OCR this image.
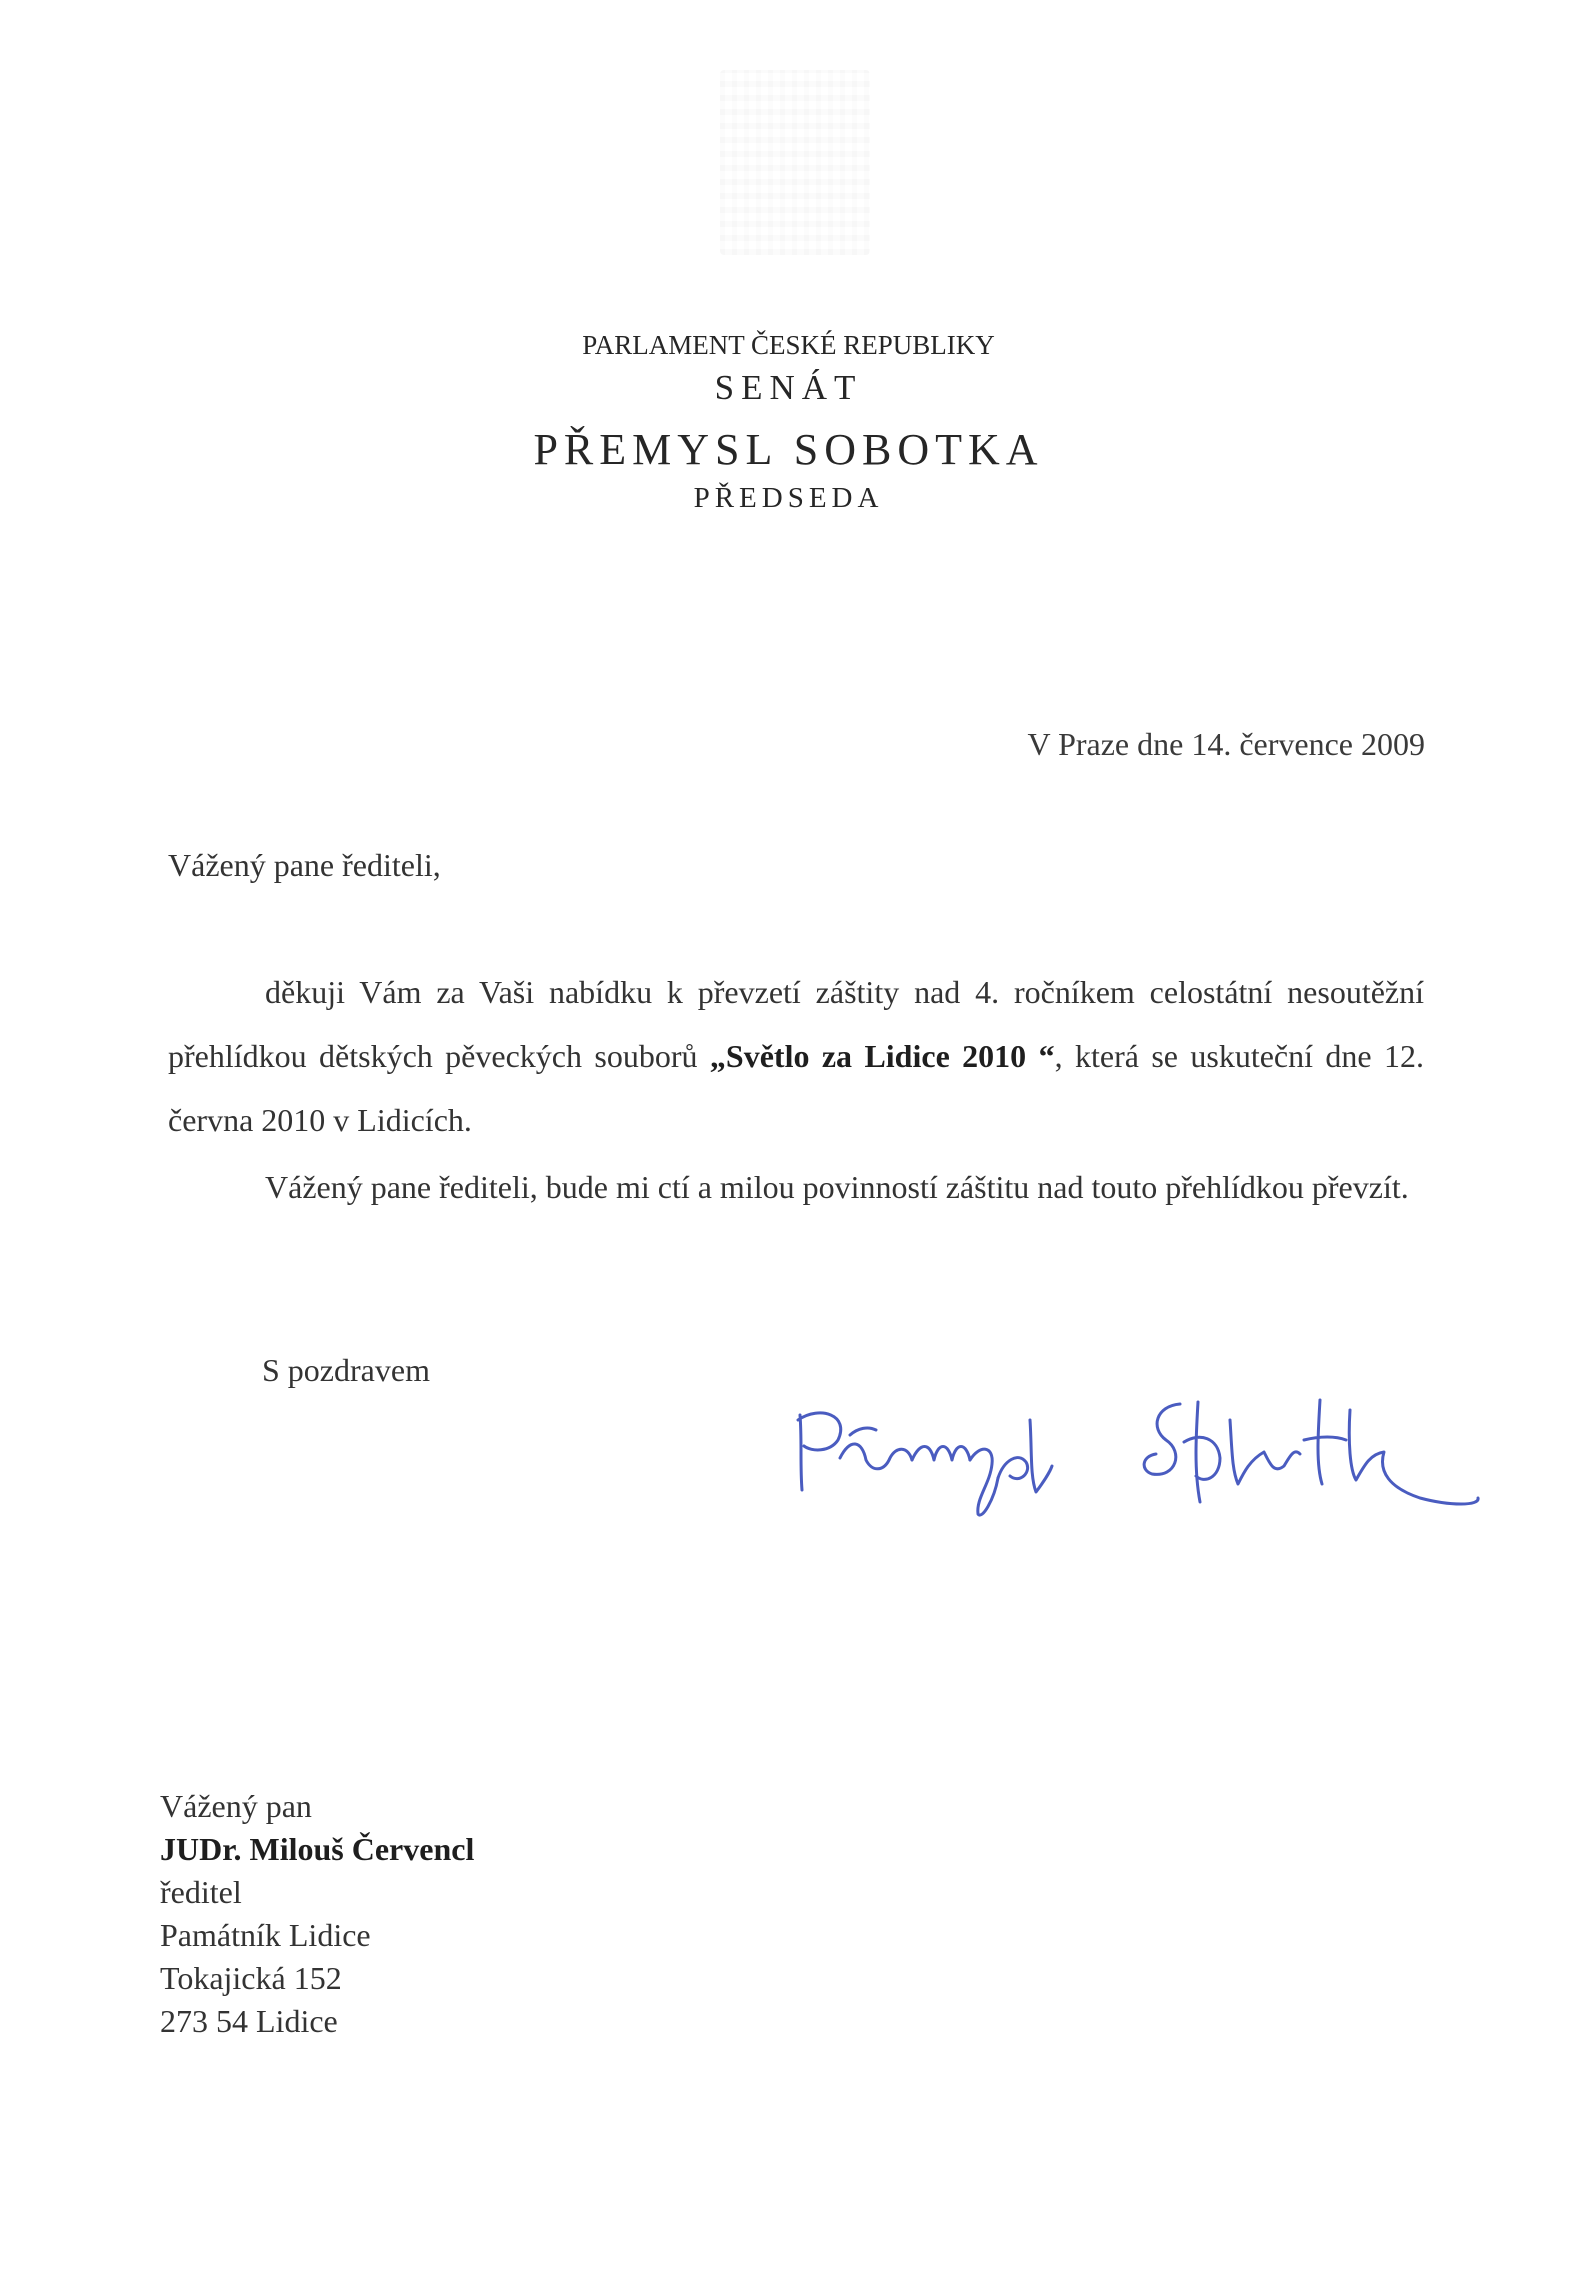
PARLAMENT ČESKÉ REPUBLIKY
SENÁT
PŘEMYSL SOBOTKA
PŘEDSEDA
V Praze dne 14. července 2009
Vážený pane řediteli,

děkuji Vám za Vaši nabídku k převzetí záštity nad 4. ročníkem celostátní nesoutěžní přehlídkou dětských pěveckých souborů „Světlo za Lidice 2010 “, která se uskuteční dne 12. června 2010 v Lidicích.

Vážený pane řediteli, bude mi ctí a milou povinností záštitu nad touto přehlídkou převzít.

S pozdravem
Vážený pan
JUDr. Milouš Červencl
ředitel
Památník Lidice
Tokajická 152
273 54 Lidice
